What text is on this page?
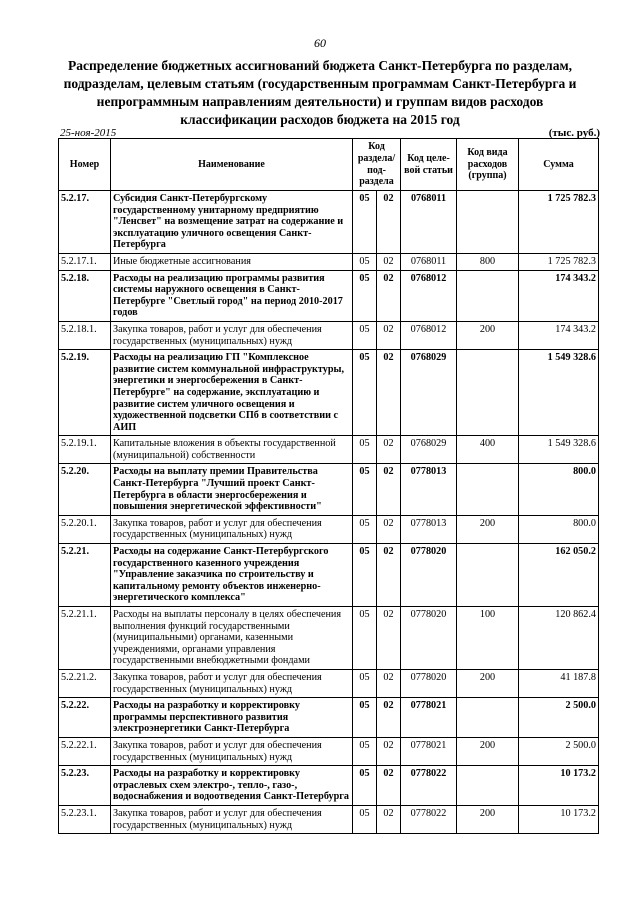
60
Распределение бюджетных ассигнований бюджета Санкт-Петербурга по разделам, подразделам, целевым статьям (государственным программам Санкт-Петербурга и непрограммным направлениям деятельности) и группам видов расходов классификации расходов бюджета на 2015 год
25-ноя-2015	(тыс. руб.)
Номер	Наименование	Код раздела/ под-раздела		Код целе-вой статьи	Код вида расходов (группа)	Сумма
5.2.17.	Субсидия Санкт-Петербургскому государственному унитарному предприятию "Ленсвет" на возмещение затрат на содержание и эксплуатацию уличного освещения Санкт-Петербурга	05	02	0768011		1 725 782.3
5.2.17.1.	Иные бюджетные ассигнования	05	02	0768011	800	1 725 782.3
5.2.18.	Расходы на реализацию программы развития системы наружного освещения в Санкт-Петербурге "Светлый город" на период 2010-2017 годов	05	02	0768012		174 343.2
5.2.18.1.	Закупка товаров, работ и услуг для обеспечения государственных (муниципальных) нужд	05	02	0768012	200	174 343.2
5.2.19.	Расходы на реализацию ГП "Комплексное развитие систем коммунальной инфраструктуры, энергетики и энергосбережения в Санкт-Петербурге" на содержание, эксплуатацию и развитие систем уличного освещения и художественной подсветки СПб в соответствии с АИП	05	02	0768029		1 549 328.6
5.2.19.1.	Капитальные вложения в объекты государственной (муниципальной) собственности	05	02	0768029	400	1 549 328.6
5.2.20.	Расходы на выплату премии Правительства Санкт-Петербурга "Лучший проект Санкт-Петербурга в области энергосбережения и повышения энергетической эффективности"	05	02	0778013		800.0
5.2.20.1.	Закупка товаров, работ и услуг для обеспечения государственных (муниципальных) нужд	05	02	0778013	200	800.0
5.2.21.	Расходы на содержание Санкт-Петербургского государственного казенного учреждения "Управление заказчика по строительству и капитальному ремонту объектов инженерно-энергетического комплекса"	05	02	0778020		162 050.2
5.2.21.1.	Расходы на выплаты персоналу в целях обеспечения выполнения функций государственными (муниципальными) органами, казенными учреждениями, органами управления государственными внебюджетными фондами	05	02	0778020	100	120 862.4
5.2.21.2.	Закупка товаров, работ и услуг для обеспечения государственных (муниципальных) нужд	05	02	0778020	200	41 187.8
5.2.22.	Расходы на разработку и корректировку программы перспективного развития электроэнергетики Санкт-Петербурга	05	02	0778021		2 500.0
5.2.22.1.	Закупка товаров, работ и услуг для обеспечения государственных (муниципальных) нужд	05	02	0778021	200	2 500.0
5.2.23.	Расходы на разработку и корректировку отраслевых схем электро-, тепло-, газо-, водоснабжения и водоотведения Санкт-Петербурга	05	02	0778022		10 173.2
5.2.23.1.	Закупка товаров, работ и услуг для обеспечения государственных (муниципальных) нужд	05	02	0778022	200	10 173.2
